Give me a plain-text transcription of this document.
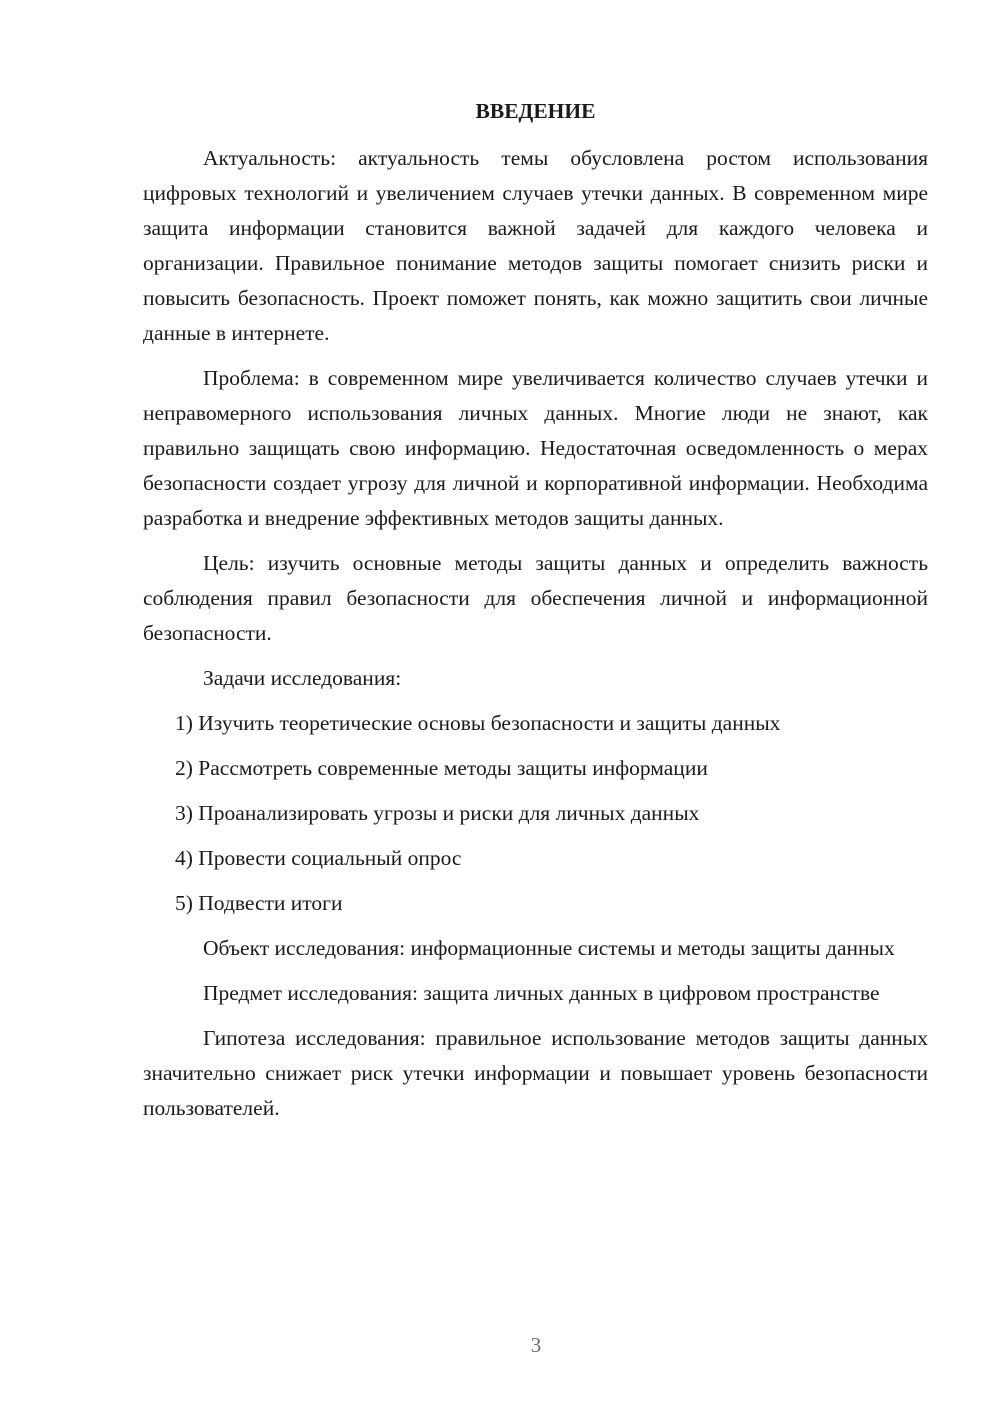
ВВЕДЕНИЕ

Актуальность: актуальность темы обусловлена ростом использования цифровых технологий и увеличением случаев утечки данных. В современном мире защита информации становится важной задачей для каждого человека и организации. Правильное понимание методов защиты помогает снизить риски и повысить безопасность. Проект поможет понять, как можно защитить свои личные данные в интернете.

Проблема: в современном мире увеличивается количество случаев утечки и неправомерного использования личных данных. Многие люди не знают, как правильно защищать свою информацию. Недостаточная осведомленность о мерах безопасности создает угрозу для личной и корпоративной информации. Необходима разработка и внедрение эффективных методов защиты данных.

Цель: изучить основные методы защиты данных и определить важность соблюдения правил безопасности для обеспечения личной и информационной безопасности.

Задачи исследования:
1) Изучить теоретические основы безопасности и защиты данных
2) Рассмотреть современные методы защиты информации
3) Проанализировать угрозы и риски для личных данных
4) Провести социальный опрос
5) Подвести итоги

Объект исследования: информационные системы и методы защиты данных

Предмет исследования: защита личных данных в цифровом пространстве

Гипотеза исследования: правильное использование методов защиты данных значительно снижает риск утечки информации и повышает уровень безопасности пользователей.

3
